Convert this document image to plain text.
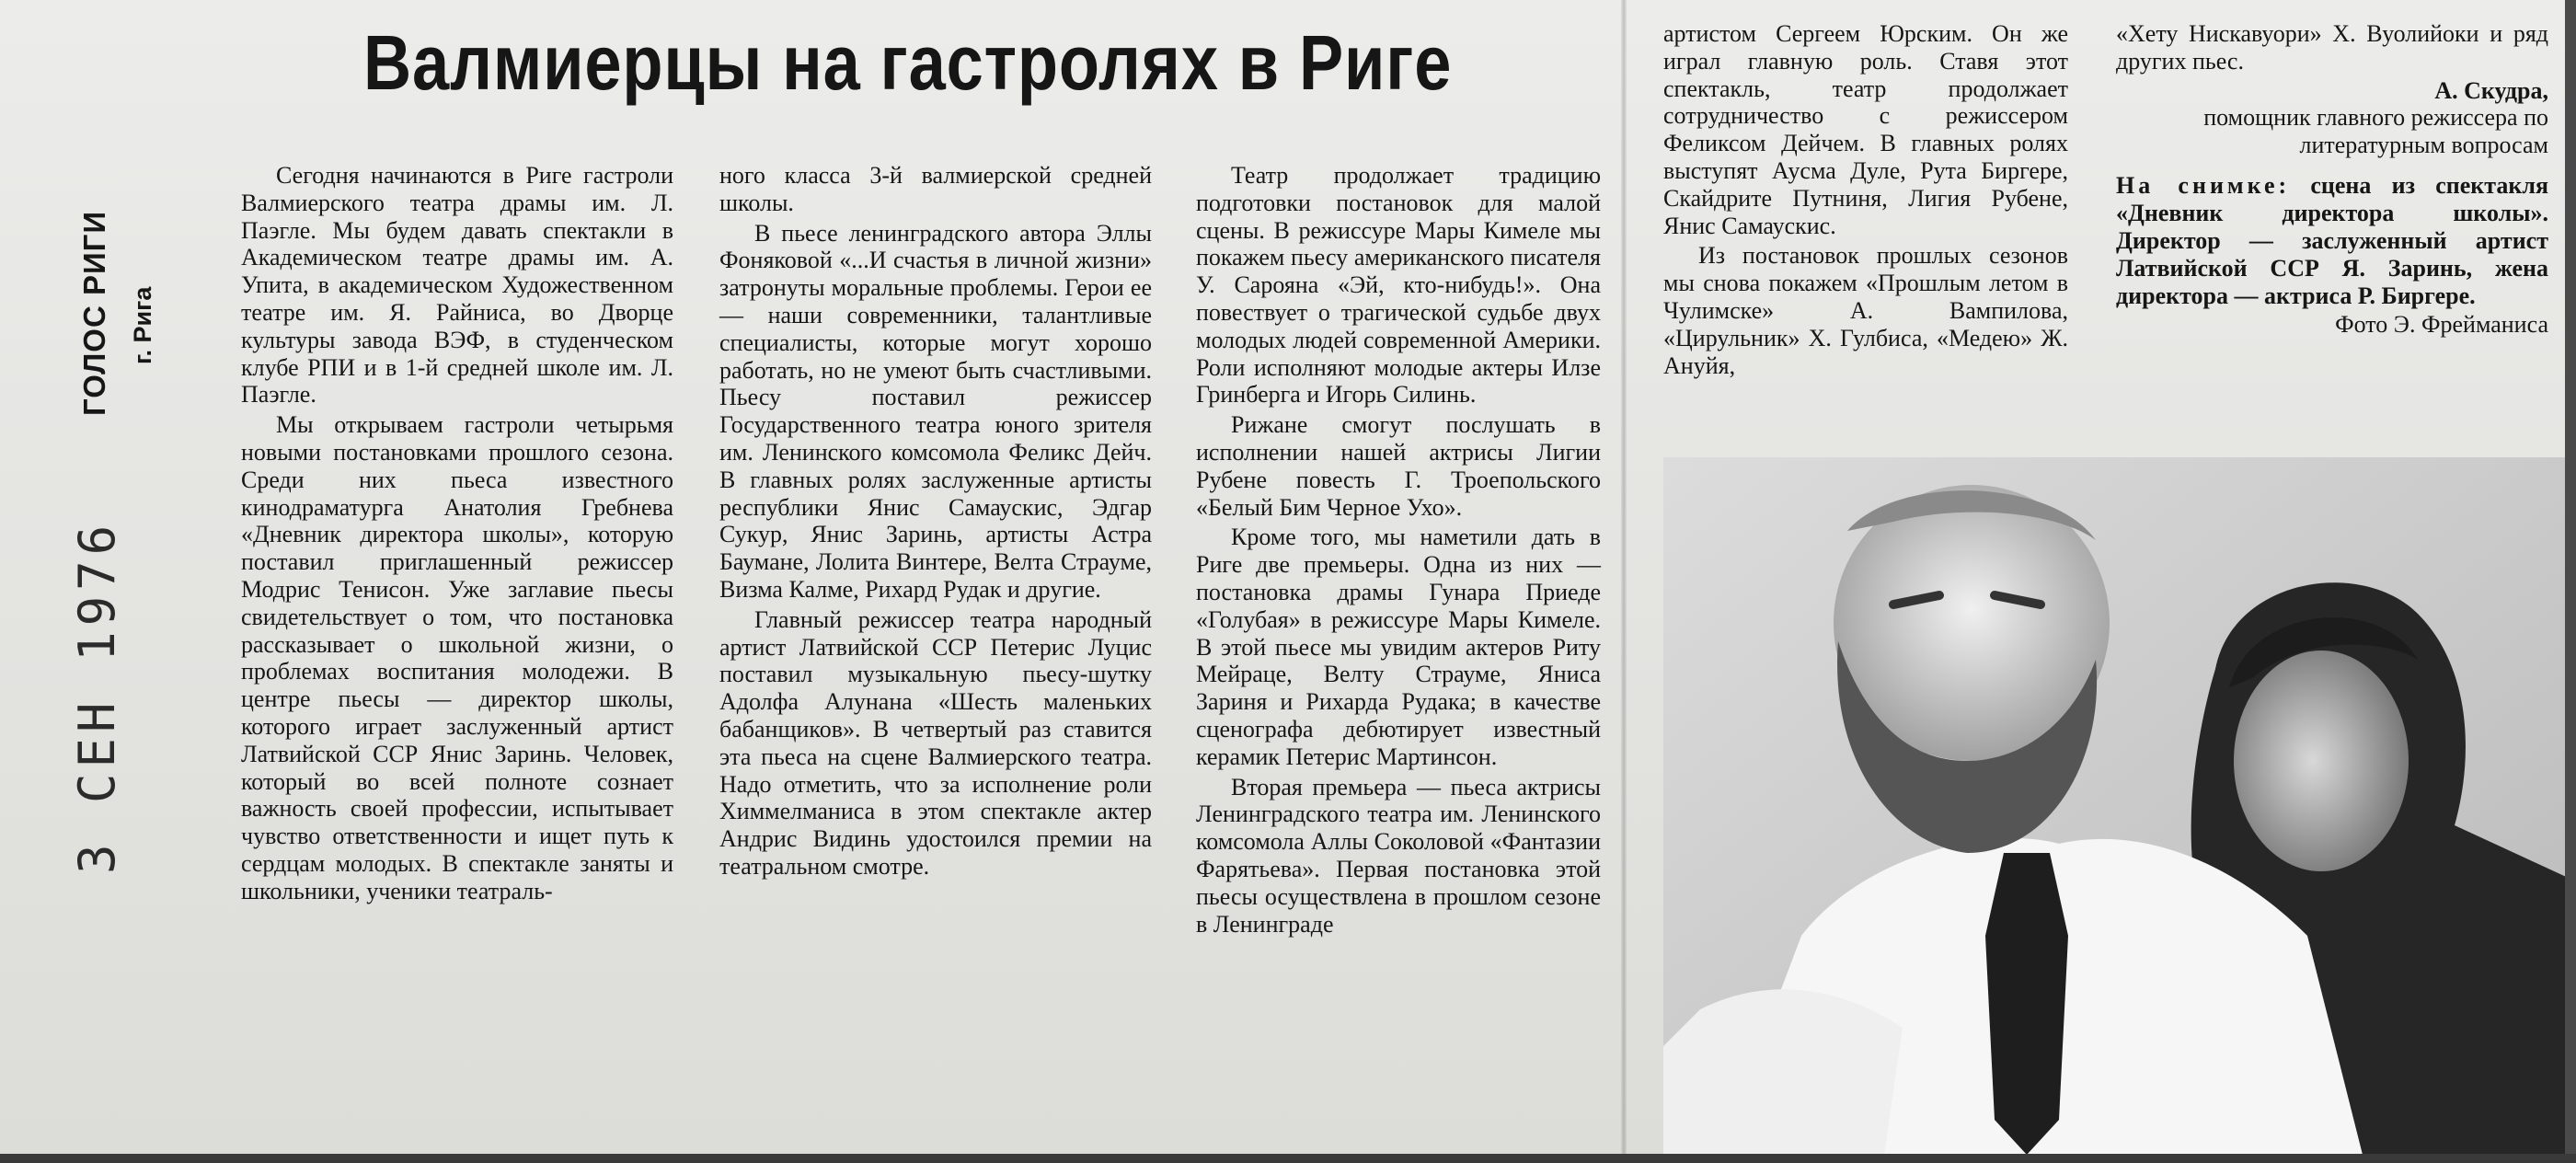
3 СЕН 1976
ГОЛОС РИГИ г. Рига
Валмиерцы на гастролях в Риге

Сегодня начинаются в Риге гастроли Валмиерского театра драмы им. Л. Паэгле. Мы будем давать спектакли в Академическом театре драмы им. А. Упита, в академическом Художественном театре им. Я. Райниса, во Дворце культуры завода ВЭФ, в студенческом клубе РПИ и в 1-й средней школе им. Л. Паэгле.

Мы открываем гастроли четырьмя новыми постановками прошлого сезона. Среди них пьеса известного кинодраматурга Анатолия Гребнева «Дневник директора школы», которую поставил приглашенный режиссер Модрис Тенисон. Уже заглавие пьесы свидетельствует о том, что постановка рассказывает о школьной жизни, о проблемах воспитания молодежи. В центре пьесы — директор школы, которого играет заслуженный артист Латвийской ССР Янис Заринь. Человек, который во всей полноте сознает важность своей профессии, испытывает чувство ответственности и ищет путь к сердцам молодых. В спектакле заняты и школьники, ученики театраль-

ного класса 3-й валмиерской средней школы.

В пьесе ленинградского автора Эллы Фоняковой «...И счастья в личной жизни» затронуты моральные проблемы. Герои ее — наши современники, талантливые специалисты, которые могут хорошо работать, но не умеют быть счастливыми. Пьесу поставил режиссер Государственного театра юного зрителя им. Ленинского комсомола Феликс Дейч. В главных ролях заслуженные артисты республики Янис Самаускис, Эдгар Сукур, Янис Заринь, артисты Астра Баумане, Лолита Винтере, Велта Страуме, Визма Калме, Рихард Рудак и другие.

Главный режиссер театра народный артист Латвийской ССР Петерис Луцис поставил музыкальную пьесу-шутку Адолфа Алунана «Шесть маленьких бабанщиков». В четвертый раз ставится эта пьеса на сцене Валмиерского театра. Надо отметить, что за исполнение роли Химмелманиса в этом спектакле актер Андрис Видинь удостоился премии на театральном смотре.

Театр продолжает традицию подготовки постановок для малой сцены. В режиссуре Мары Кимеле мы покажем пьесу американского писателя У. Сарояна «Эй, кто-нибудь!». Она повествует о трагической судьбе двух молодых людей современной Америки. Роли исполняют молодые актеры Илзе Гринберга и Игорь Силинь.

Рижане смогут послушать в исполнении нашей актрисы Лигии Рубене повесть Г. Троепольского «Белый Бим Черное Ухо».

Кроме того, мы наметили дать в Риге две премьеры. Одна из них — постановка драмы Гунара Приеде «Голубая» в режиссуре Мары Кимеле. В этой пьесе мы увидим актеров Риту Мейраце, Велту Страуме, Яниса Зариня и Рихарда Рудака; в качестве сценографа дебютирует известный керамик Петерис Мартинсон.

Вторая премьера — пьеса актрисы Ленинградского театра им. Ленинского комсомола Аллы Соколовой «Фантазии Фарятьева». Первая постановка этой пьесы осуществлена в прошлом сезоне в Ленинграде

артистом Сергеем Юрским. Он же играл главную роль. Ставя этот спектакль, театр продолжает сотрудничество с режиссером Феликсом Дейчем. В главных ролях выступят Аусма Дуле, Рута Биргере, Скайдрите Путниня, Лигия Рубене, Янис Самаускис.

Из постановок прошлых сезонов мы снова покажем «Прошлым летом в Чулимске» А. Вампилова, «Цирульник» Х. Гулбиса, «Медею» Ж. Ануйя,

«Хету Нискавуори» Х. Вуолийоки и ряд других пьес.

А. Скудра,
помощник главного режиссера по литературным вопросам

На снимке: сцена из спектакля «Дневник директора школы». Директор — заслуженный артист Латвийской ССР Я. Заринь, жена директора — актриса Р. Биргере.

Фото Э. Фрейманиса
